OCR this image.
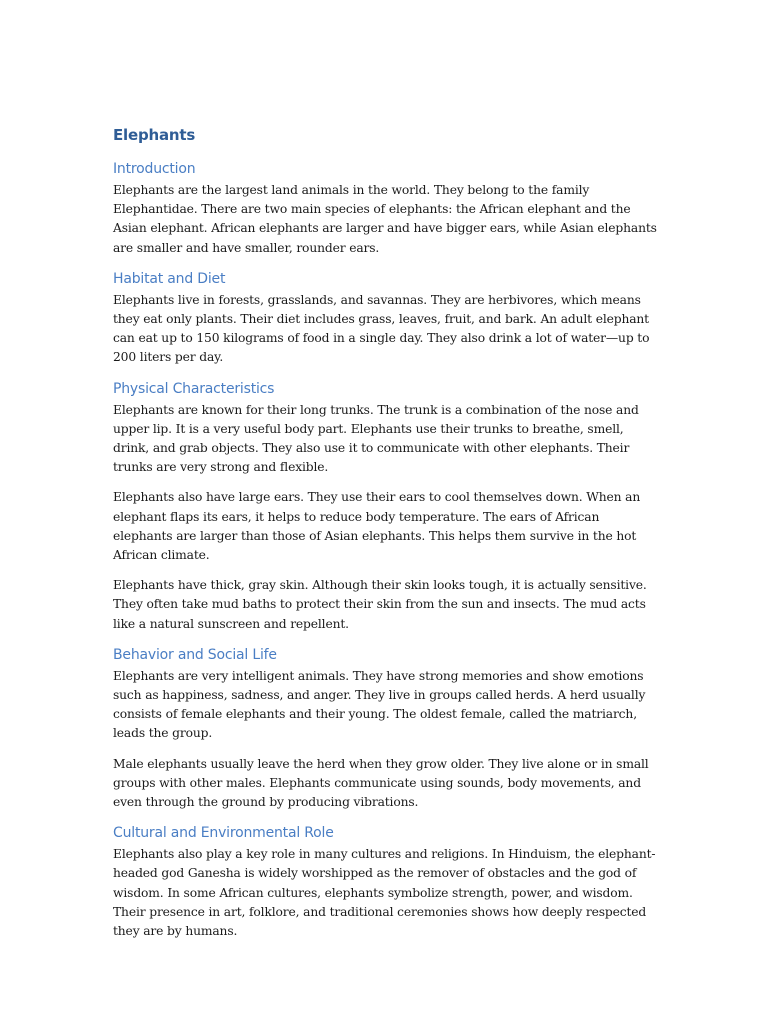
Elephants
Introduction

Elephants are the largest land animals in the world. They belong to the family Elephantidae. There are two main species of elephants: the African elephant and the Asian elephant. African elephants are larger and have bigger ears, while Asian elephants are smaller and have smaller, rounder ears.

Habitat and Diet

Elephants live in forests, grasslands, and savannas. They are herbivores, which means they eat only plants. Their diet includes grass, leaves, fruit, and bark. An adult elephant can eat up to 150 kilograms of food in a single day. They also drink a lot of water—up to 200 liters per day.

Physical Characteristics

Elephants are known for their long trunks. The trunk is a combination of the nose and upper lip. It is a very useful body part. Elephants use their trunks to breathe, smell, drink, and grab objects. They also use it to communicate with other elephants. Their trunks are very strong and flexible.

Elephants also have large ears. They use their ears to cool themselves down. When an elephant flaps its ears, it helps to reduce body temperature. The ears of African elephants are larger than those of Asian elephants. This helps them survive in the hot African climate.

Elephants have thick, gray skin. Although their skin looks tough, it is actually sensitive. They often take mud baths to protect their skin from the sun and insects. The mud acts like a natural sunscreen and repellent.

Behavior and Social Life

Elephants are very intelligent animals. They have strong memories and show emotions such as happiness, sadness, and anger. They live in groups called herds. A herd usually consists of female elephants and their young. The oldest female, called the matriarch, leads the group.

Male elephants usually leave the herd when they grow older. They live alone or in small groups with other males. Elephants communicate using sounds, body movements, and even through the ground by producing vibrations.

Cultural and Environmental Role

Elephants also play a key role in many cultures and religions. In Hinduism, the elephant-headed god Ganesha is widely worshipped as the remover of obstacles and the god of wisdom. In some African cultures, elephants symbolize strength, power, and wisdom. Their presence in art, folklore, and traditional ceremonies shows how deeply respected they are by humans.
